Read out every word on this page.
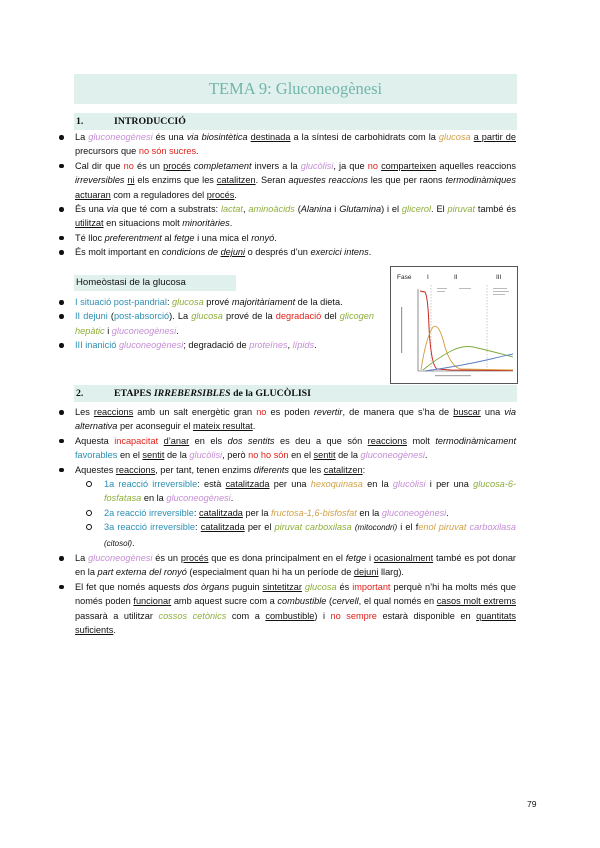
TEMA 9: Gluconeogènesi
1.	INTRODUCCIÓ
La gluconeogènesi és una via biosintètica destinada a la síntesi de carbohidrats com la glucosa a partir de precursors que no són sucres.
Cal dir que no és un procés completament invers a la glucòlisi, ja que no comparteixen aquelles reaccions irreversibles ni els enzims que les catalitzen. Seran aquestes reaccions les que per raons termodinàmiques actuaran com a reguladores del procés.
És una via que té com a substrats: lactat, aminoàcids (Alanina i Glutamina) i el glicerol. El piruvat també és utilitzat en situacions molt minoritàries.
Té lloc preferentment al fetge i una mica el ronyó.
És molt important en condicions de dejuni o després d’un exercici intens.
Homeòstasi de la glucosa
I situació post-pandrial: glucosa prové majoritàriament de la dieta.
II dejuni (post-absorció). La glucosa prové de la degradació del glicogen hepàtic i gluconeogènesi.
III inanició gluconeogènesi; degradació de proteïnes, lípids.
Fase I	II	III
2.	ETAPES IRREBERSIBLES de la GLUCÒLISI
Les reaccions amb un salt energètic gran no es poden revertir, de manera que s’ha de buscar una via alternativa per aconseguir el mateix resultat.
Aquesta incapacitat d’anar en els dos sentits es deu a que són reaccions molt termodinàmicament favorables en el sentit de la glucòlisi, però no ho són en el sentit de la gluconeogènesi.
Aquestes reaccions, per tant, tenen enzims diferents que les catalitzen:
1a reacció irreversible: està catalitzada per una hexoquinasa en la glucòlisi i per una glucosa-6-fosfatasa en la gluconeogènesi.
2a reacció irreversible: catalitzada per la fructosa-1,6-bisfosfat en la gluconeogènesi.
3a reacció irreversible: catalitzada per el piruvat carboxilasa (mitocondri) i el fenol piruvat carboxilasa (citosol).
La gluconeogènesi és un procés que es dona principalment en el fetge i ocasionalment també es pot donar en la part externa del ronyó (especialment quan hi ha un període de dejuni llarg).
El fet que només aquests dos òrgans puguin sintetitzar glucosa és important perquè n’hi ha molts més que només poden funcionar amb aquest sucre com a combustible (cervell, el qual només en casos molt extrems passarà a utilitzar cossos cetònics com a combustible) i no sempre estarà disponible en quantitats suficients.
79
